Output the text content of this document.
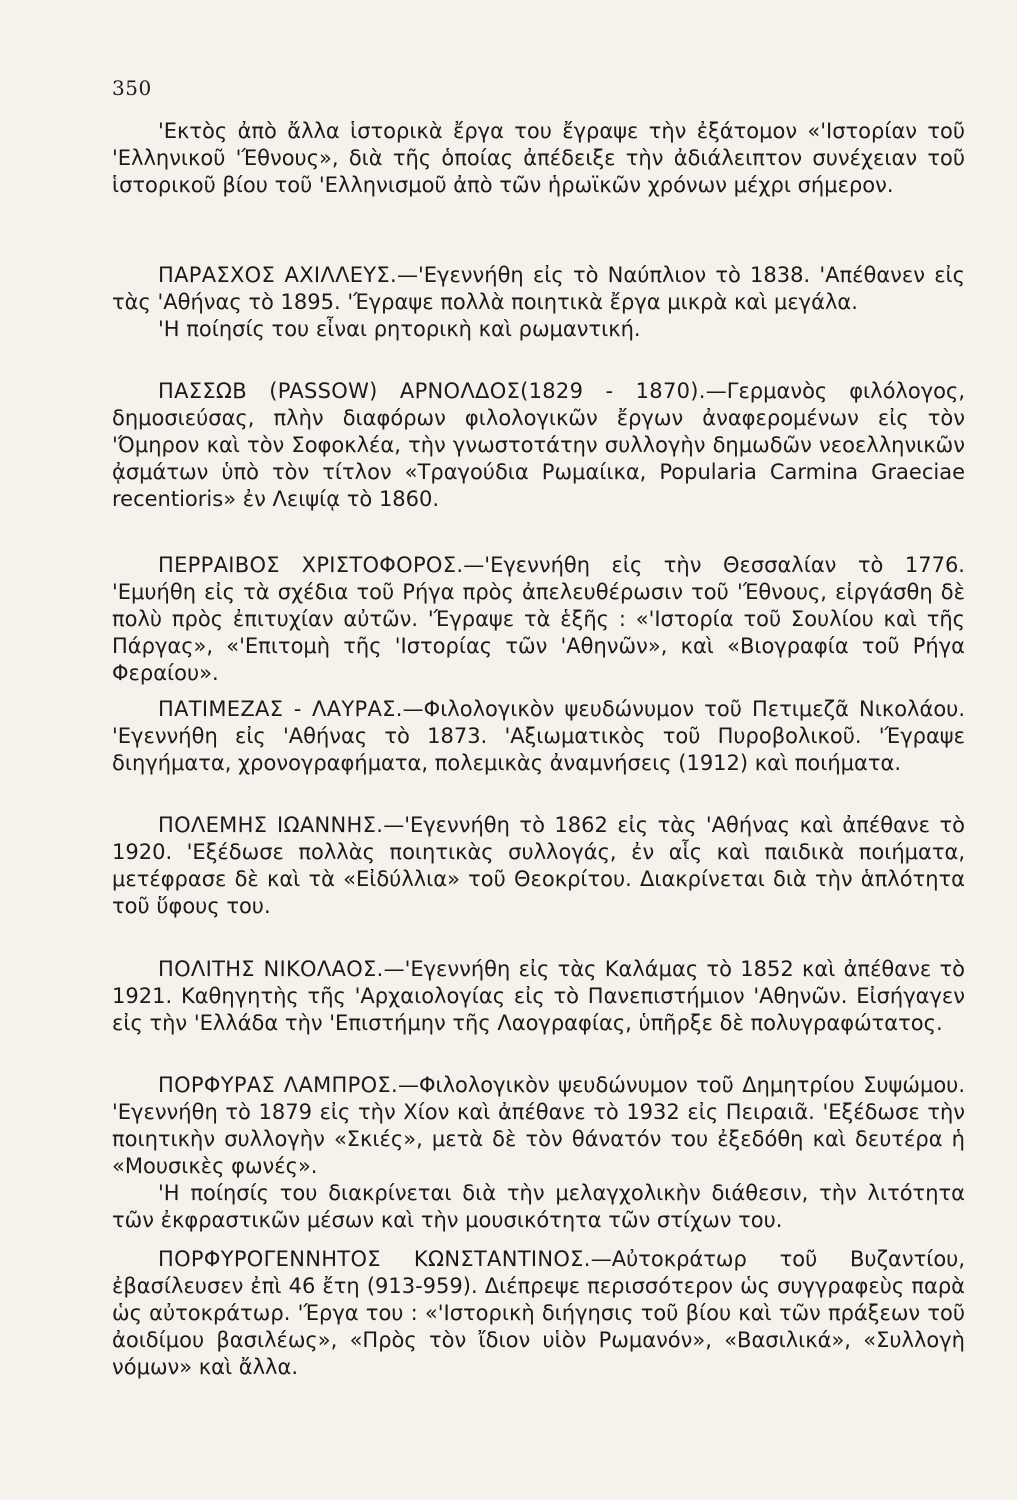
350

'Εκτὸς ἀπὸ ἄλλα ἱστορικὰ ἔργα του ἔγραψε τὴν ἐξάτομον «'Ιστορίαν τοῦ 'Ελληνικοῦ 'Έθνους», διὰ τῆς ὁποίας ἀπέδειξε τὴν ἀδιάλειπτον συνέχειαν τοῦ ἱστορικοῦ βίου τοῦ 'Ελληνισμοῦ ἀπὸ τῶν ἡρωϊκῶν χρόνων μέχρι σήμερον.

ΠΑΡΑΣΧΟΣ ΑΧΙΛΛΕΥΣ.—'Εγεννήθη εἰς τὸ Ναύπλιον τὸ 1838. 'Απέθανεν εἰς τὰς 'Αθήνας τὸ 1895. 'Έγραψε πολλὰ ποιητικὰ ἔργα μικρὰ καὶ μεγάλα.

'Η ποίησίς του εἶναι ρητορικὴ καὶ ρωμαντική.

ΠΑΣΣΩΒ (PASSOW) ΑΡΝΟΛΔΟΣ(1829 - 1870).—Γερμανὸς φιλόλογος, δημοσιεύσας, πλὴν διαφόρων φιλολογικῶν ἔργων ἀναφερομένων εἰς τὸν 'Όμηρον καὶ τὸν Σοφοκλέα, τὴν γνωστοτάτην συλλογὴν δημωδῶν νεοελληνικῶν ᾀσμάτων ὑπὸ τὸν τίτλον «Τραγούδια Ρωμαίικα, Popularia Carmina Graeciae recentioris» ἐν Λειψίᾳ τὸ 1860.

ΠΕΡΡΑΙΒΟΣ ΧΡΙΣΤΟΦΟΡΟΣ.—'Εγεννήθη εἰς τὴν Θεσσαλίαν τὸ 1776. 'Εμυήθη εἰς τὰ σχέδια τοῦ Ρήγα πρὸς ἀπελευθέρωσιν τοῦ 'Έθνους, εἰργάσθη δὲ πολὺ πρὸς ἐπιτυχίαν αὐτῶν. 'Έγραψε τὰ ἑξῆς : «'Ιστορία τοῦ Σουλίου καὶ τῆς Πάργας», «'Επιτομὴ τῆς 'Ιστορίας τῶν 'Αθηνῶν», καὶ «Βιογραφία τοῦ Ρήγα Φεραίου».

ΠΑΤΙΜΕΖΑΣ - ΛΑΥΡΑΣ.—Φιλολογικὸν ψευδώνυμον τοῦ Πετιμεζᾶ Νικολάου. 'Εγεννήθη εἰς 'Αθήνας τὸ 1873. 'Αξιωματικὸς τοῦ Πυροβολικοῦ. 'Έγραψε διηγήματα, χρονογραφήματα, πολεμικὰς ἀναμνήσεις (1912) καὶ ποιήματα.

ΠΟΛΕΜΗΣ ΙΩΑΝΝΗΣ.—'Εγεννήθη τὸ 1862 εἰς τὰς 'Αθήνας καὶ ἀπέθανε τὸ 1920. 'Εξέδωσε πολλὰς ποιητικὰς συλλογάς, ἐν αἷς καὶ παιδικὰ ποιήματα, μετέφρασε δὲ καὶ τὰ «Εἰδύλλια» τοῦ Θεοκρίτου. Διακρίνεται διὰ τὴν ἁπλότητα τοῦ ὕφους του.

ΠΟΛΙΤΗΣ ΝΙΚΟΛΑΟΣ.—'Εγεννήθη εἰς τὰς Καλάμας τὸ 1852 καὶ ἀπέθανε τὸ 1921. Καθηγητὴς τῆς 'Αρχαιολογίας εἰς τὸ Πανεπιστήμιον 'Αθηνῶν. Εἰσήγαγεν εἰς τὴν 'Ελλάδα τὴν 'Επιστήμην τῆς Λαογραφίας, ὑπῆρξε δὲ πολυγραφώτατος.

ΠΟΡΦΥΡΑΣ ΛΑΜΠΡΟΣ.—Φιλολογικὸν ψευδώνυμον τοῦ Δημητρίου Συψώμου. 'Εγεννήθη τὸ 1879 εἰς τὴν Χίον καὶ ἀπέθανε τὸ 1932 εἰς Πειραιᾶ. 'Εξέδωσε τὴν ποιητικὴν συλλογὴν «Σκιές», μετὰ δὲ τὸν θάνατόν του ἐξεδόθη καὶ δευτέρα ἡ «Μουσικὲς φωνές».

'Η ποίησίς του διακρίνεται διὰ τὴν μελαγχολικὴν διάθεσιν, τὴν λιτότητα τῶν ἐκφραστικῶν μέσων καὶ τὴν μουσικότητα τῶν στίχων του.

ΠΟΡΦΥΡΟΓΕΝΝΗΤΟΣ ΚΩΝΣΤΑΝΤΙΝΟΣ.—Αὐτοκράτωρ τοῦ Βυζαντίου, ἐβασίλευσεν ἐπὶ 46 ἔτη (913-959). Διέπρεψε περισσότερον ὡς συγγραφεὺς παρὰ ὡς αὐτοκράτωρ. 'Έργα του : «'Ιστορικὴ διήγησις τοῦ βίου καὶ τῶν πράξεων τοῦ ἀοιδίμου βασιλέως», «Πρὸς τὸν ἴδιον υἱὸν Ρωμανόν», «Βασιλικά», «Συλλογὴ νόμων» καὶ ἄλλα.
